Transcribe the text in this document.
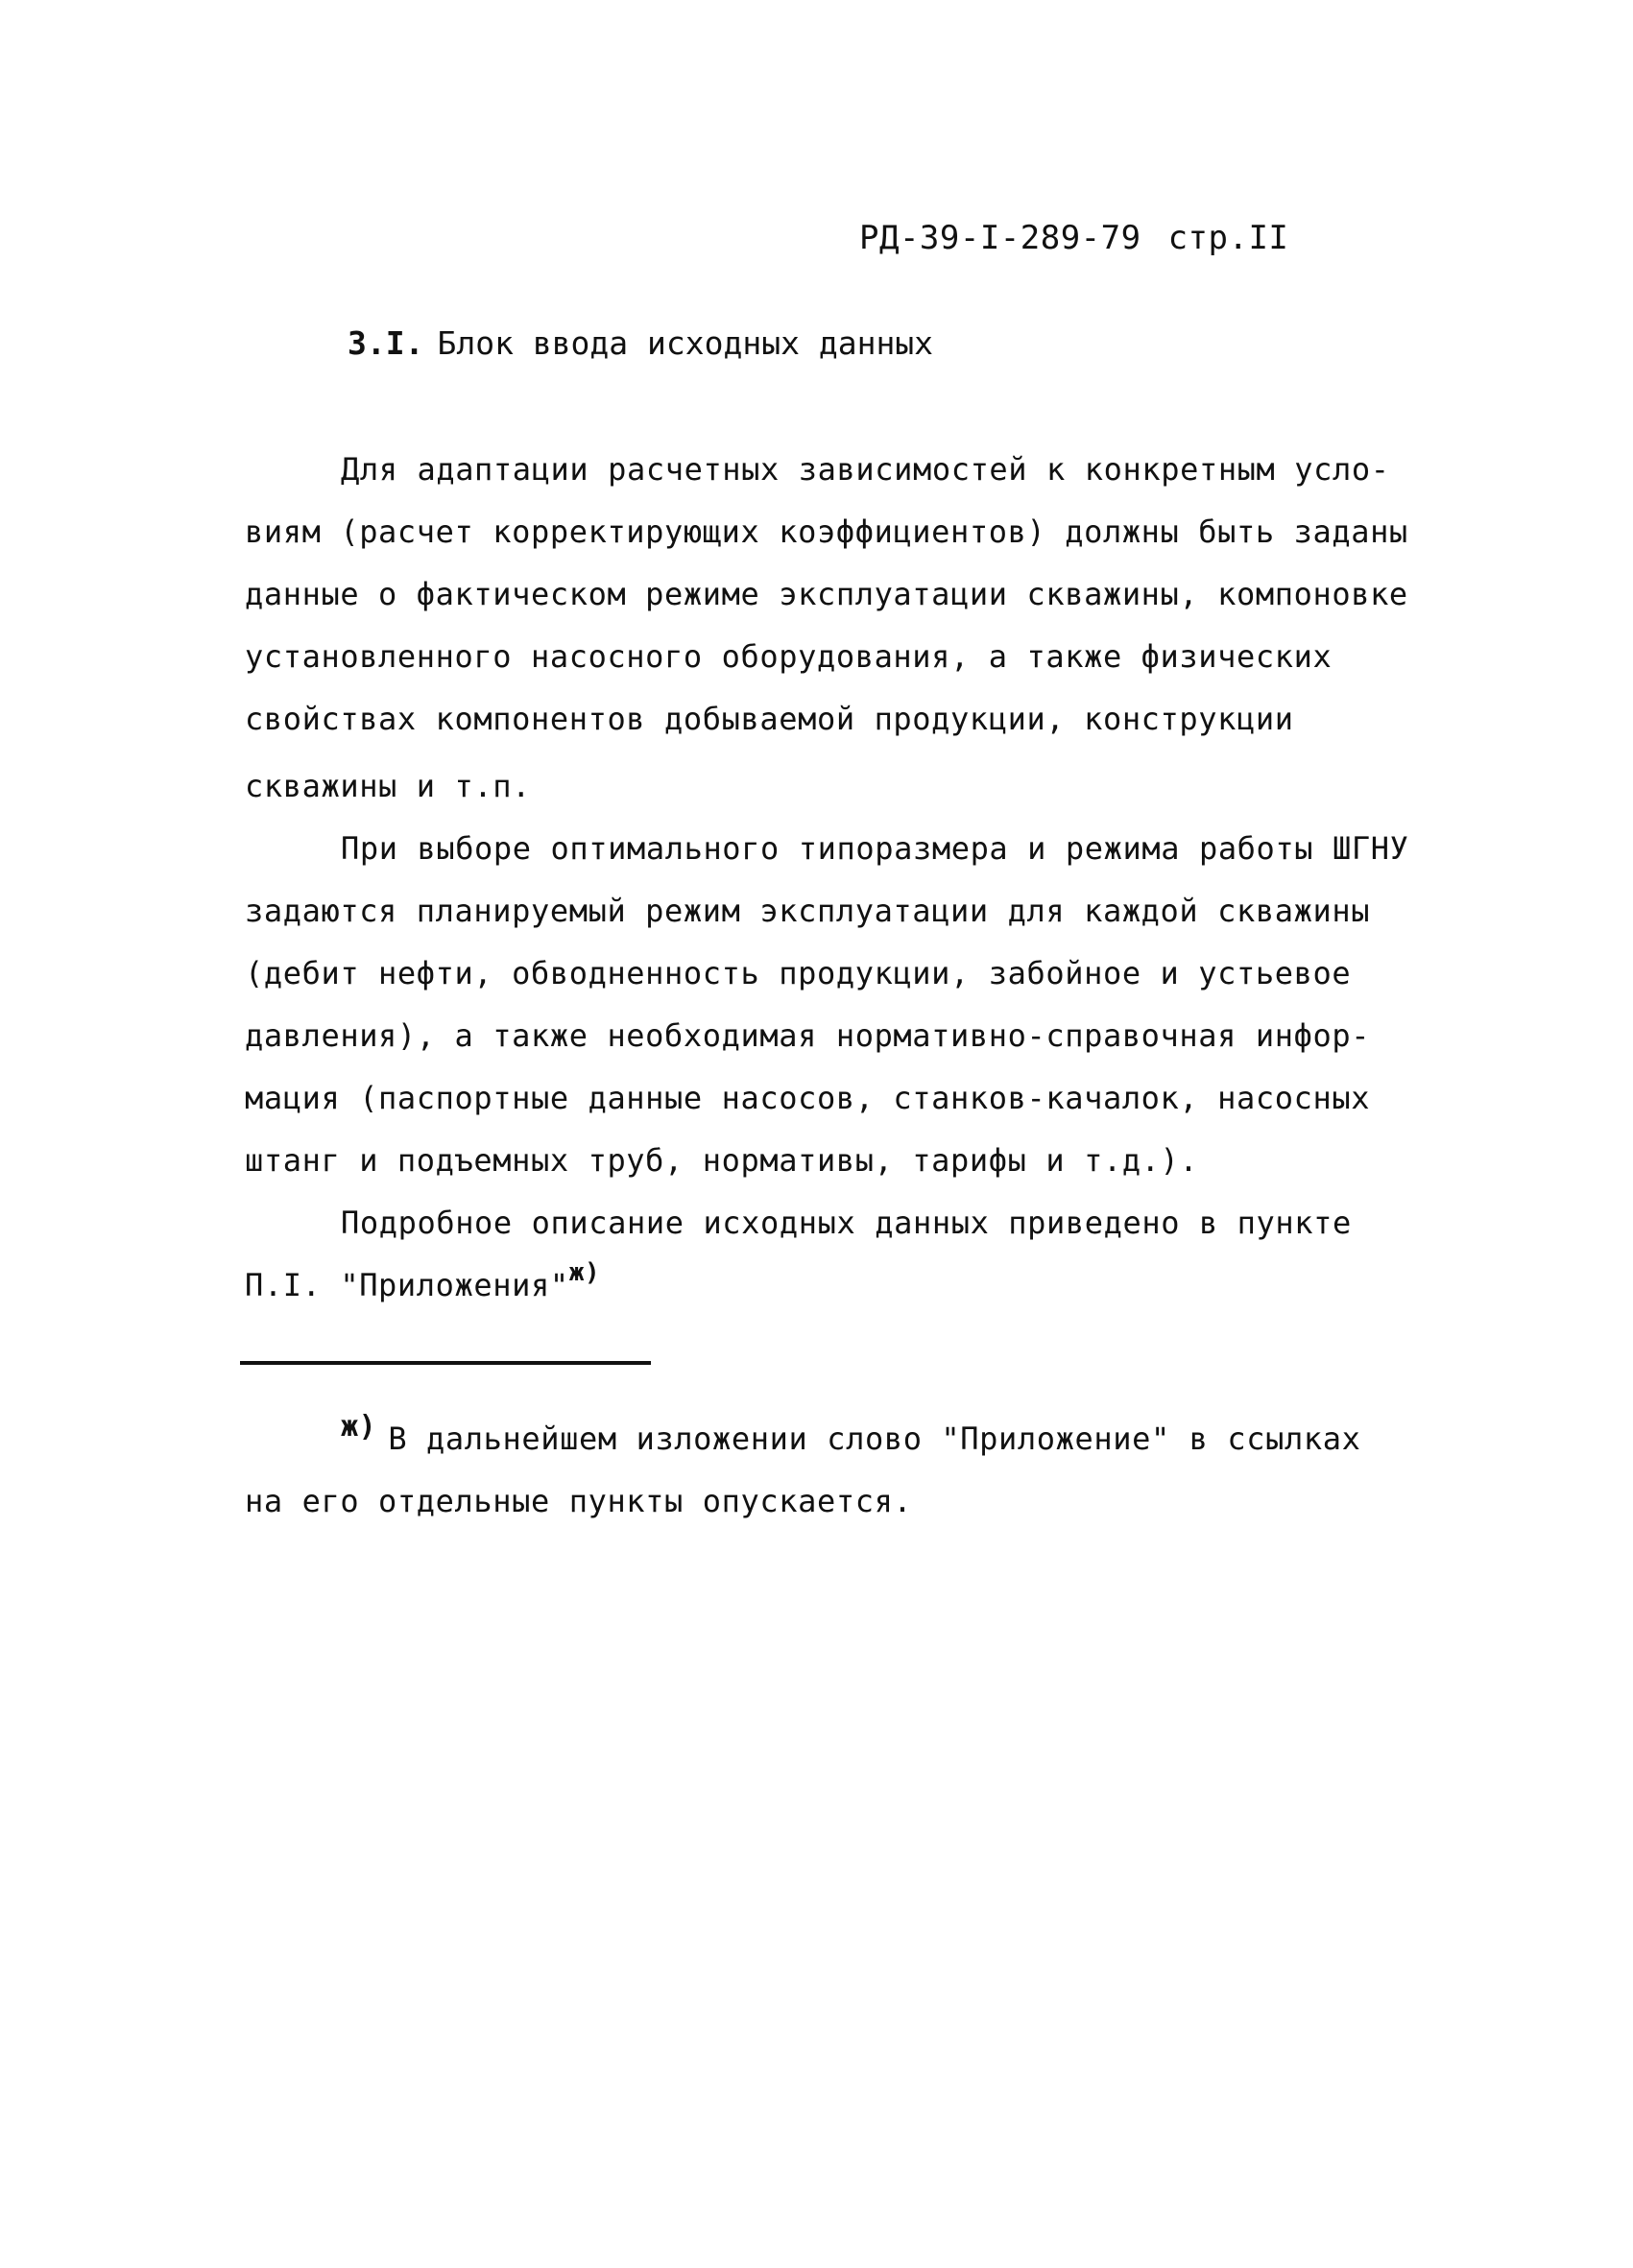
РД-39-I-289-79 стр.II
3.I. Блок ввода исходных данных
Для адаптации расчетных зависимостей к конкретным усло-
виям (расчет корректирующих коэффициентов) должны быть заданы
данные о фактическом режиме эксплуатации скважины, компоновке
установленного насосного оборудования, а также физических
свойствах компонентов добываемой продукции, конструкции
скважины и т.п.
При выборе оптимального типоразмера и режима работы ШГНУ
задаются планируемый режим эксплуатации для каждой скважины
(дебит нефти, обводненность продукции, забойное и устьевое
давления), а также необходимая нормативно-справочная инфор-
мация (паспортные данные насосов, станков-качалок, насосных
штанг и подъемных труб, нормативы, тарифы и т.д.).
Подробное описание исходных данных приведено в пункте
П.I. "Приложения"$^{ж)}$
ж) В дальнейшем изложении слово "Приложение" в ссылках
на его отдельные пункты опускается.
